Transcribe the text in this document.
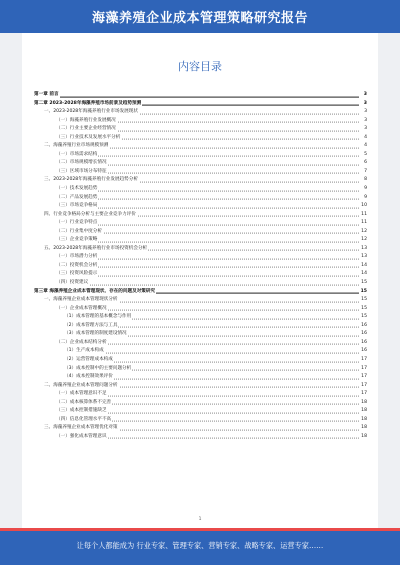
海藻养殖企业成本管理策略研究报告
内容目录
第一章 前言	3
第二章 2023-2028年海藻养殖市场前景及趋势预测	3
一、2023-2028年海藻养殖行业市场发展现状	3
（一）海藻养殖行业发展概况	3
（二）行业主要企业经营情况	3
（三）行业技术及发展水平分析	4
二、海藻养殖行业市场规模预测	4
（一）市场需求结构	5
（二）市场规模增长情况	6
（三）区域市场分布特征	7
三、2023-2028年海藻养殖行业发展趋势分析	8
（一）技术发展趋势	9
（二）产品发展趋势	9
（三）市场竞争格局	10
四、行业竞争格局分析与主要企业竞争力评价	11
（一）行业竞争特点	11
（二）行业集中度分析	12
（三）企业竞争策略	12
五、2023-2028年海藻养殖行业市场投资机会分析	13
（一）市场潜力分析	13
（二）投资机会分析	14
（三）投资风险提示	14
（四）投资建议	15
第三章 海藻养殖企业成本管理现状、存在的问题及对策研究	15
一、海藻养殖企业成本管理现状分析	15
（一）企业成本管理概况	15
（1）成本管理的基本概念与作用	15
（2）成本管理方法与工具	16
（3）成本管理的制度建设情况	16
（二）企业成本结构分析	16
（1）生产成本构成	16
（2）运营管理成本构成	17
（3）成本控制中的主要问题分析	17
（4）成本控制效果评价	17
二、海藻养殖企业成本管理问题分析	17
（一）成本管理意识不足	17
（二）成本核算体系不完善	18
（三）成本控制措施缺乏	18
（四）信息化管理水平不高	18
三、海藻养殖企业成本管理优化对策	18
（一）强化成本管理意识	18
1
让每个人都能成为 行业专家、管理专家、营销专家、战略专家、运营专家……
